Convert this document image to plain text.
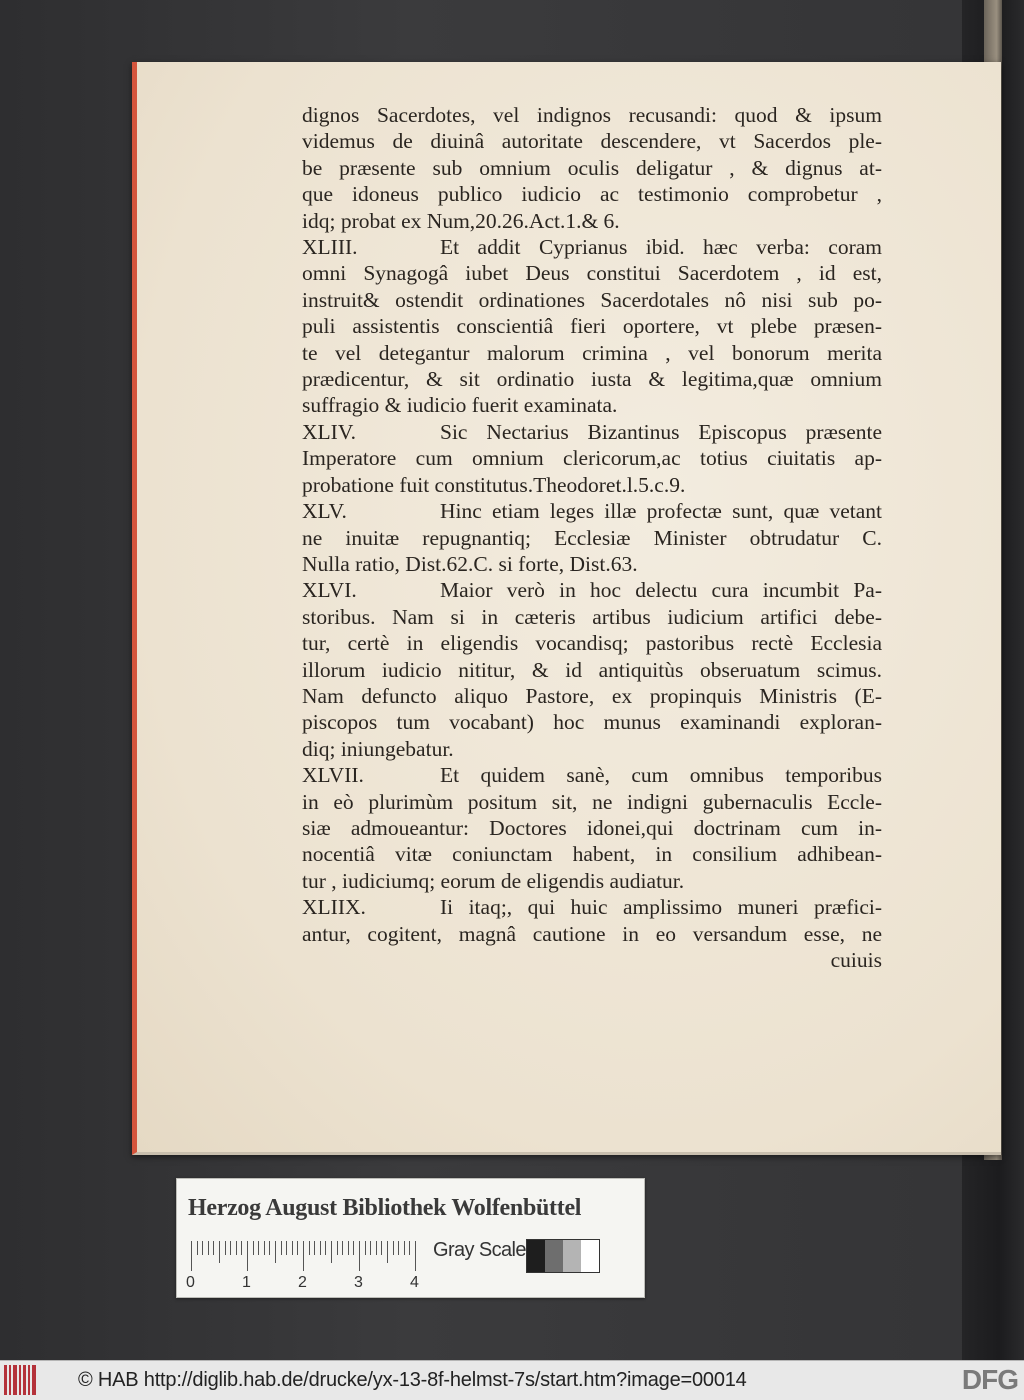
dignos Sacerdotes, vel indignos recusandi: quod & ipsum
videmus de diuinâ autoritate descendere, vt Sacerdos ple-
be præsente sub omnium oculis deligatur , & dignus at-
que idoneus publico iudicio ac testimonio comprobetur ,
idq; probat ex Num,20.26.Act.1.& 6.
XLIII.	Et addit Cyprianus ibid. hæc verba: coram
omni Synagogâ iubet Deus constitui Sacerdotem , id est,
instruit& ostendit ordinationes Sacerdotales nô nisi sub po-
puli assistentis conscientiâ fieri oportere, vt plebe præsen-
te vel detegantur malorum crimina , vel bonorum merita
prædicentur, & sit ordinatio iusta & legitima,quæ omnium
suffragio & iudicio fuerit examinata.
XLIV.	Sic Nectarius Bizantinus Episcopus præsente
Imperatore cum omnium clericorum,ac totius ciuitatis ap-
probatione fuit constitutus.Theodoret.l.5.c.9.
XLV.	Hinc etiam leges illæ profectæ sunt, quæ vetant
ne inuitæ repugnantiq; Ecclesiæ Minister obtrudatur C.
Nulla ratio, Dist.62.C. si forte, Dist.63.
XLVI.	Maior verò in hoc delectu cura incumbit Pa-
storibus. Nam si in cæteris artibus iudicium artifici debe-
tur, certè in eligendis vocandisq; pastoribus rectè Ecclesia
illorum iudicio nititur, & id antiquitùs obseruatum scimus.
Nam defuncto aliquo Pastore, ex propinquis Ministris (E-
piscopos tum vocabant) hoc munus examinandi exploran-
diq; iniungebatur.
XLVII.	Et quidem sanè, cum omnibus temporibus
in eò plurimùm positum sit, ne indigni gubernaculis Eccle-
siæ admoueantur: Doctores idonei,qui doctrinam cum in-
nocentiâ vitæ coniunctam habent, in consilium adhibean-
tur , iudiciumq; eorum de eligendis audiatur.
XLIIX.	Ii itaq;, qui huic amplissimo muneri præfici-
antur, cogitent, magnâ cautione in eo versandum esse, ne
cuiuis
Herzog August Bibliothek Wolfenbüttel
0	1	2	3	4
Gray Scale
© HAB http://diglib.hab.de/drucke/yx-13-8f-helmst-7s/start.htm?image=00014	DFG
